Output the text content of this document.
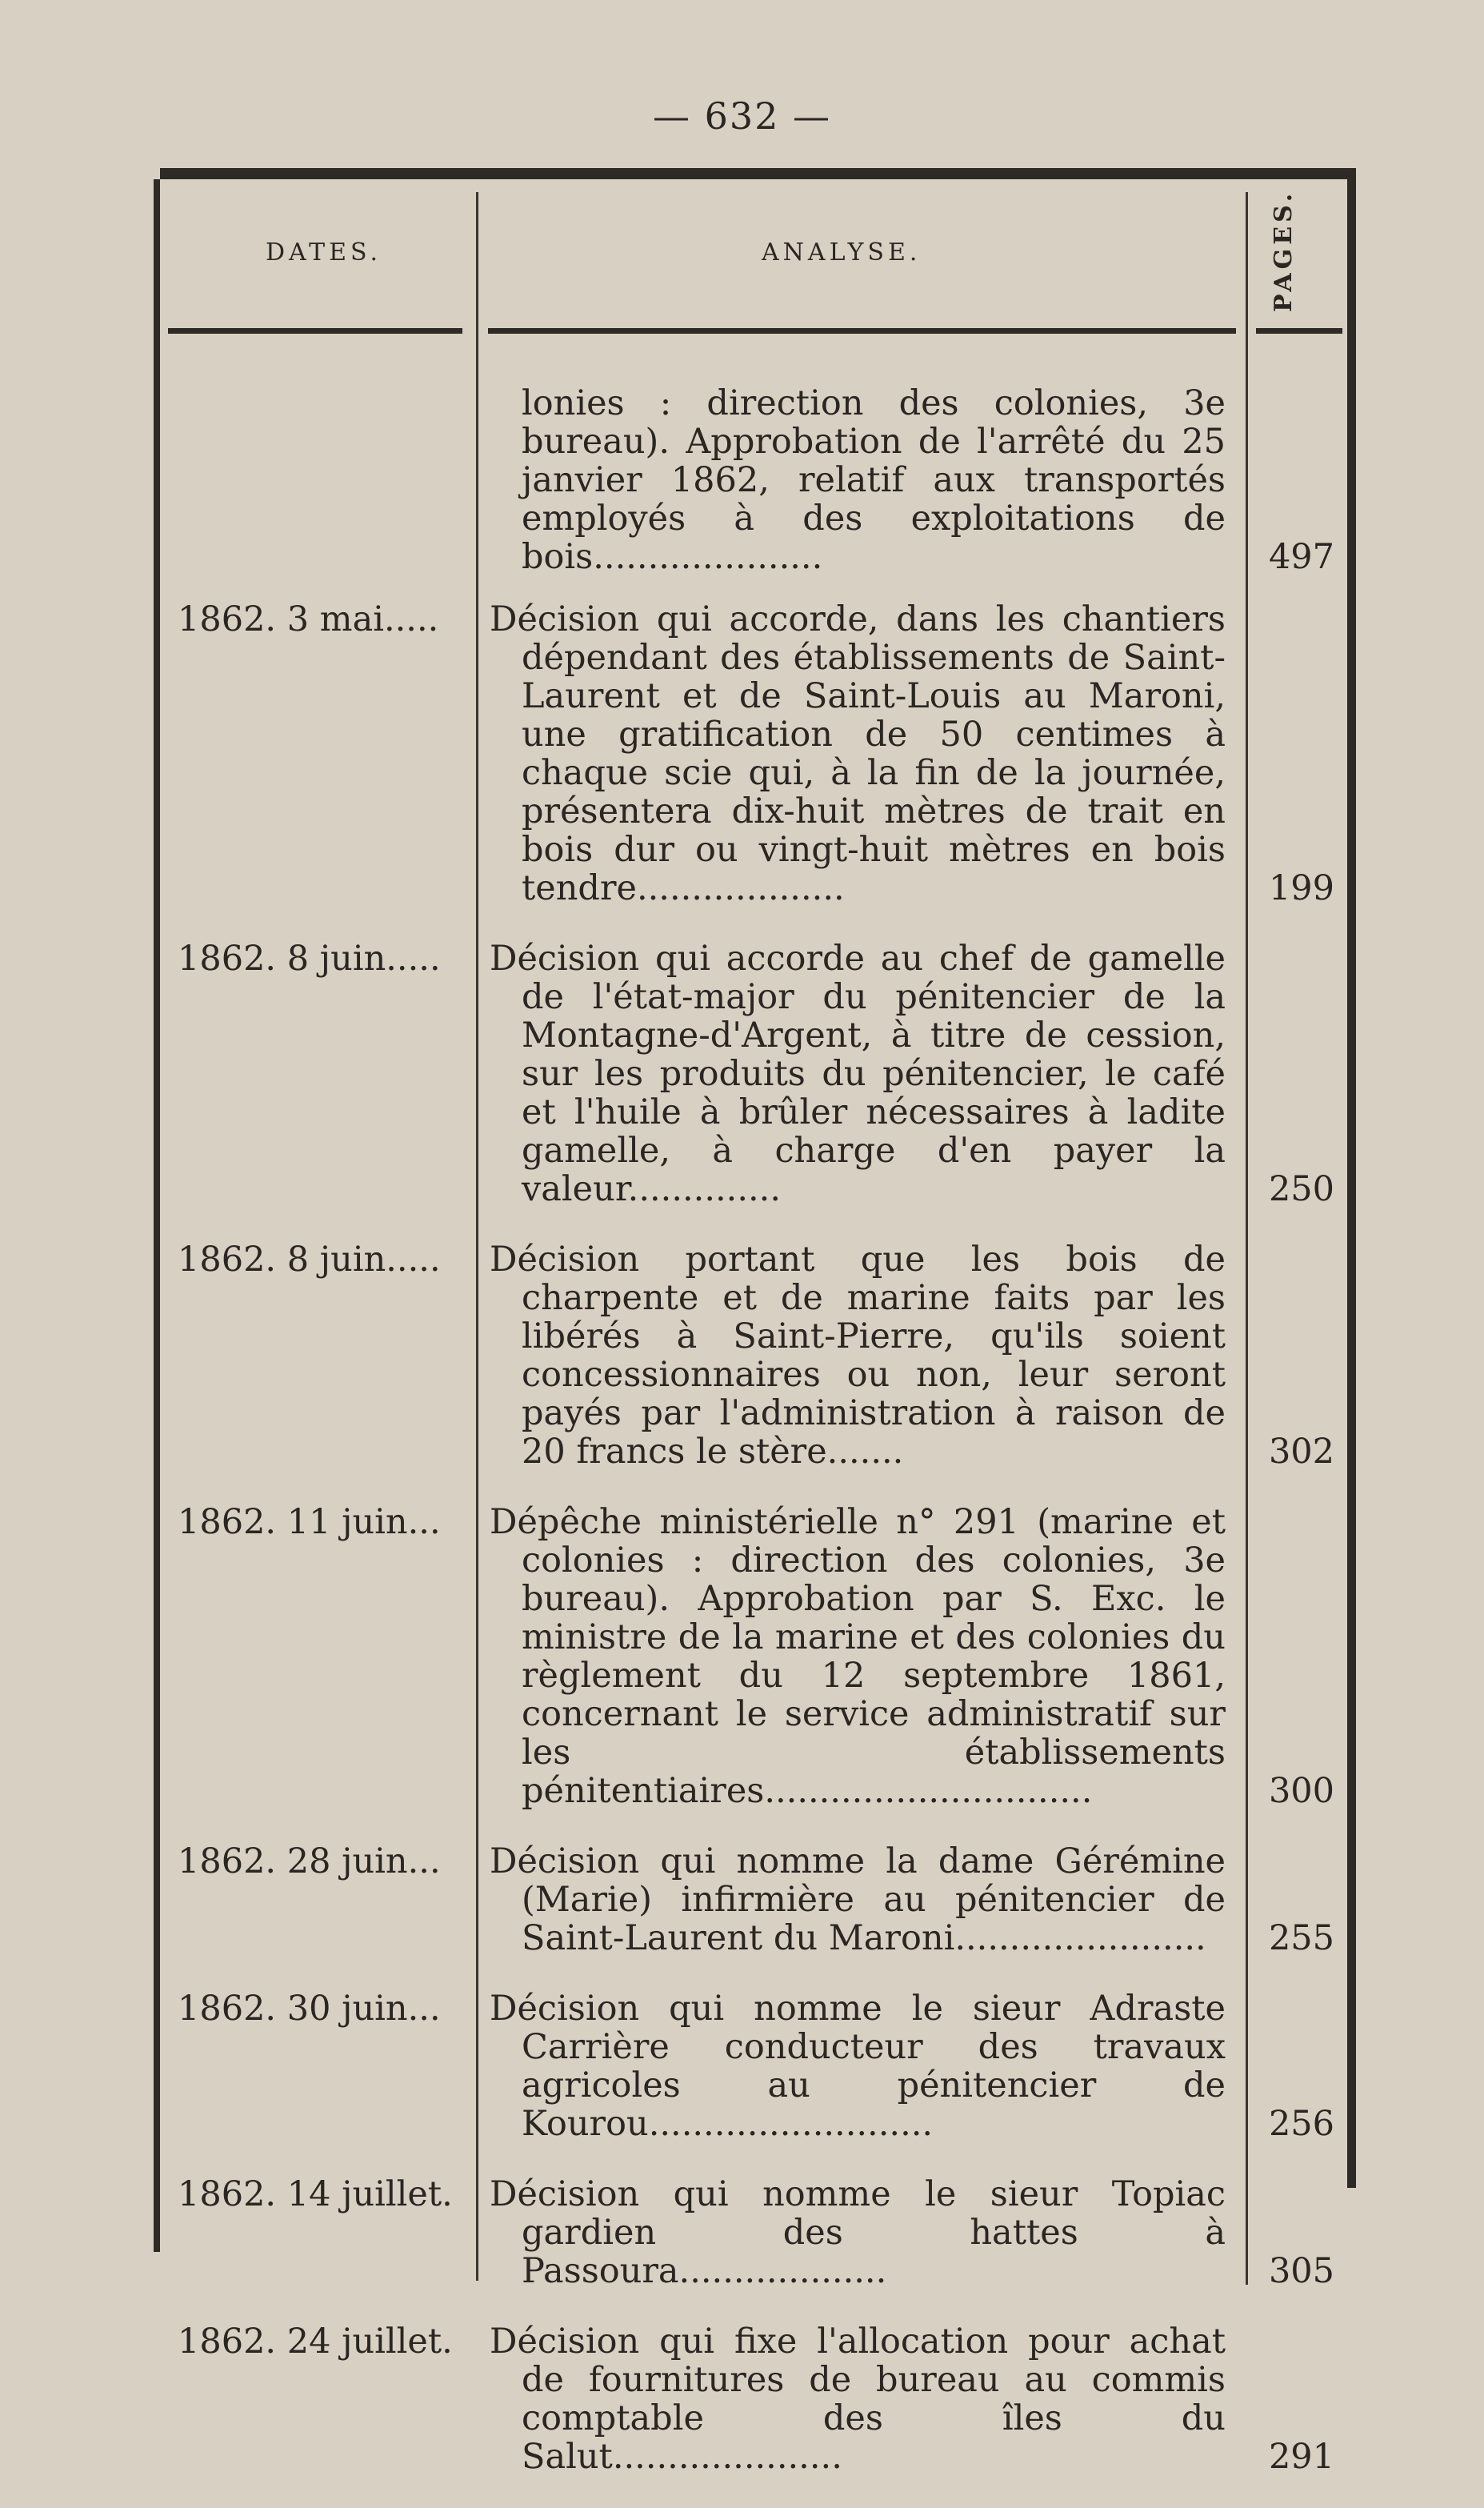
— 632 —
DATES.	ANALYSE.	PAGES.
lonies : direction des colonies, 3e bureau). Approbation de l'arrêté du 25 janvier 1862, relatif aux transportés employés à des exploitations de bois.....................	497
1862. 3 mai.....	Décision qui accorde, dans les chantiers dépendant des établissements de Saint-Laurent et de Saint-Louis au Maroni, une gratification de 50 centimes à chaque scie qui, à la fin de la journée, présentera dix-huit mètres de trait en bois dur ou vingt-huit mètres en bois tendre...................	199
1862. 8 juin.....	Décision qui accorde au chef de gamelle de l'état-major du pénitencier de la Montagne-d'Argent, à titre de cession, sur les produits du pénitencier, le café et l'huile à brûler nécessaires à ladite gamelle, à charge d'en payer la valeur..............	250
1862. 8 juin.....	Décision portant que les bois de charpente et de marine faits par les libérés à Saint-Pierre, qu'ils soient concessionnaires ou non, leur seront payés par l'administration à raison de 20 francs le stère.......	302
1862. 11 juin...	Dépêche ministérielle n° 291 (marine et colonies : direction des colonies, 3e bureau). Approbation par S. Exc. le ministre de la marine et des colonies du règlement du 12 septembre 1861, concernant le service administratif sur les établissements pénitentiaires..............................	300
1862. 28 juin...	Décision qui nomme la dame Gérémine (Marie) infirmière au pénitencier de Saint-Laurent du Maroni.......................	255
1862. 30 juin...	Décision qui nomme le sieur Adraste Carrière conducteur des travaux agricoles au pénitencier de Kourou..........................	256
1862. 14 juillet.	Décision qui nomme le sieur Topiac gardien des hattes à Passoura...................	305
1862. 24 juillet.	Décision qui fixe l'allocation pour achat de fournitures de bureau au commis comptable des îles du Salut.....................	291
